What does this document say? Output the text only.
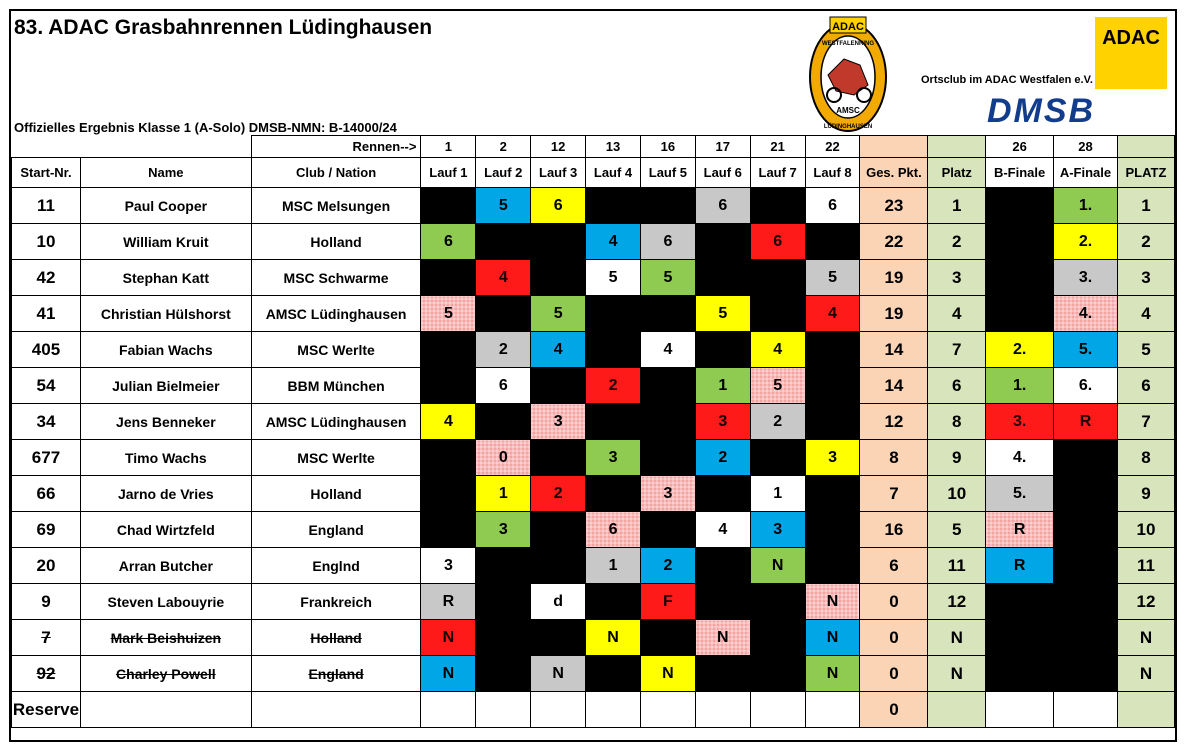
83. ADAC Grasbahnrennen Lüdinghausen
Offizielles Ergebnis Klasse 1 (A-Solo) DMSB-NMN: B-14000/24
ADAC
WESTFALENRING
AMSC
LÜDINGHAUSEN
ADAC
Ortsclub im ADAC Westfalen e.V.
DMSB
		Rennen-->	1	2	12	13	16	17	21	22			26	28	
Start-Nr.	Name	Club / Nation	Lauf 1	Lauf 2	Lauf 3	Lauf 4	Lauf 5	Lauf 6	Lauf 7	Lauf 8	Ges. Pkt.	Platz	B-Finale	A-Finale	PLATZ
11	Paul Cooper	MSC Melsungen		5	6			6		6	23	1		1.	1
10	William Kruit	Holland	6			4	6		6		22	2		2.	2
42	Stephan Katt	MSC Schwarme		4		5	5			5	19	3		3.	3
41	Christian Hülshorst	AMSC Lüdinghausen	5		5			5		4	19	4		4.	4
405	Fabian Wachs	MSC Werlte		2	4		4		4		14	7	2.	5.	5
54	Julian Bielmeier	BBM München		6		2		1	5		14	6	1.	6.	6
34	Jens Benneker	AMSC Lüdinghausen	4		3			3	2		12	8	3.	R	7
677	Timo Wachs	MSC Werlte		0		3		2		3	8	9	4.		8
66	Jarno de Vries	Holland		1	2		3		1		7	10	5.		9
69	Chad Wirtzfeld	England		3		6		4	3		16	5	R		10
20	Arran Butcher	Englnd	3			1	2		N		6	11	R		11
9	Steven Labouyrie	Frankreich	R		d		F			N	0	12			12
7	Mark Beishuizen	Holland	N			N		N		N	0	N			N
92	Charley Powell	England	N		N		N			N	0	N			N
Reserve											0				
